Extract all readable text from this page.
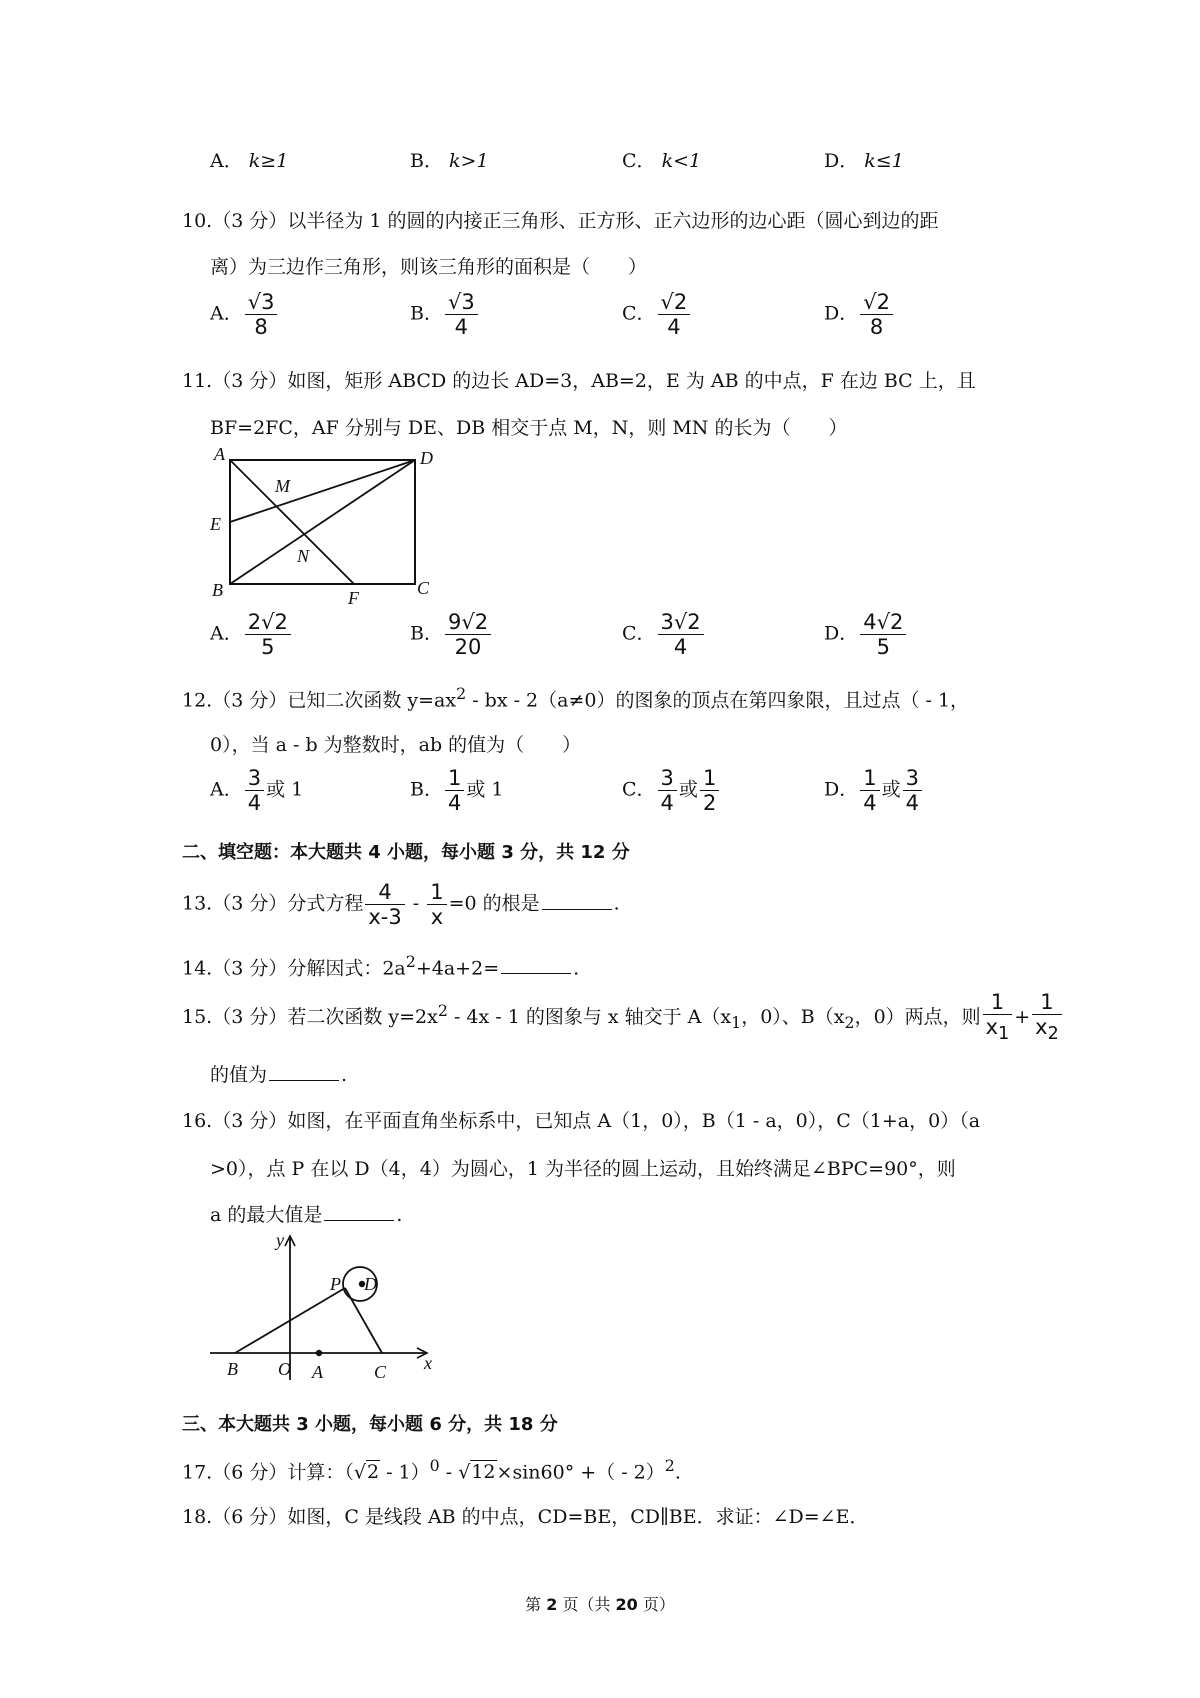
A． k≥1	B． k>1	C． k<1	D． k≤1
10.（3 分）以半径为 1 的圆的内接正三角形、正方形、正六边形的边心距（圆心到边的距
离）为三边作三角形，则该三角形的面积是（　　）
A． $\frac{√3}{8}$	B． $\frac{√3}{4}$	C． $\frac{√2}{4}$	D． $\frac{√2}{8}$
11.（3 分）如图，矩形 ABCD 的边长 AD=3，AB=2，E 为 AB 的中点，F 在边 BC 上，且
BF=2FC，AF 分别与 DE、DB 相交于点 M，N，则 MN 的长为（　　）
A	D
M
E
N
B	F	C
A． $\frac{2√2}{5}$	B． $\frac{9√2}{20}$	C． $\frac{3√2}{4}$	D． $\frac{4√2}{5}$
12.（3 分）已知二次函数 $y=ax^2$ - bx - 2（a≠0）的图象的顶点在第四象限，且过点（ - 1，
0），当 a - b 为整数时，ab 的值为（　　）
A． $\frac{3}{4}$ 或 1	B． $\frac{1}{4}$ 或 1	C． $\frac{3}{4}$ 或 $\frac{1}{2}$	D． $\frac{1}{4}$ 或 $\frac{3}{4}$
二、填空题：本大题共 4 小题，每小题 3 分，共 12 分
13.（3 分）分式方程 $\frac{4}{x-3} - \frac{1}{x} =0$ 的根是	.
14.（3 分）分解因式：$2a^2+4a+2=$	.
15.（3 分）若二次函数 $y=2x^2 - 4x - 1$ 的图象与 x 轴交于 $A(x_1$，0）、$B(x_2$，0）两点，则 $\frac{1}{x_1} + \frac{1}{x_2}$
的值为	.
16.（3 分）如图，在平面直角坐标系中，已知点 A（1，0），B（1 - a，0），C（1+a，0）（a
>0），点 P 在以 D（4，4）为圆心，1 为半径的圆上运动，且始终满足∠BPC=90°，则
a 的最大值是	.
y
P D
B O A	C x
三、本大题共 3 小题，每小题 6 分，共 18 分
17.（6 分）计算：（√2 - 1）$^0$ - √12×sin60° +（ - 2）$^2$.
18.（6 分）如图，C 是线段 AB 的中点，CD=BE，CD∥BE．求证：∠D=∠E．
第 2 页（共 20 页）
